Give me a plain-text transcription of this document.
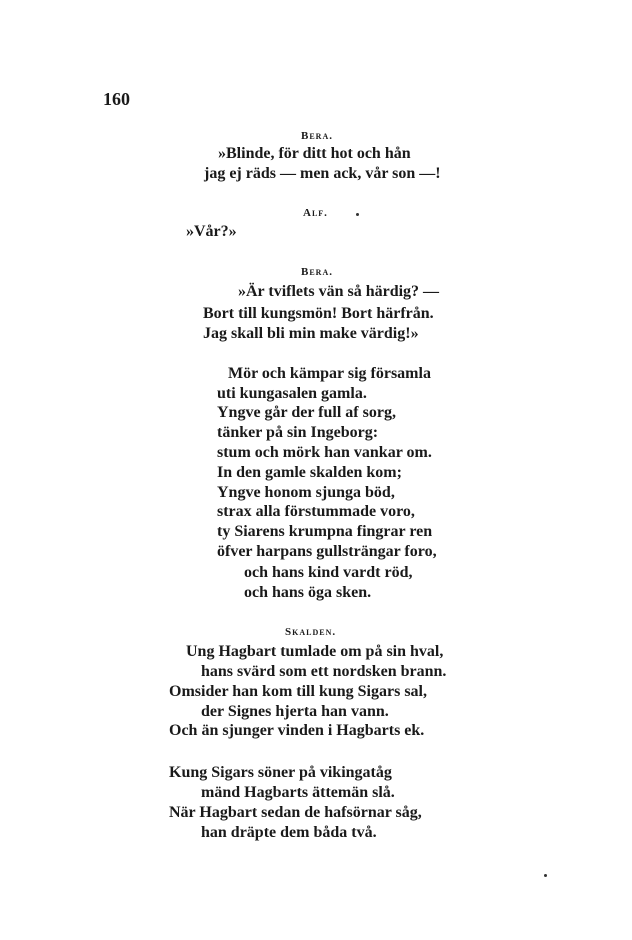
160
Bera.
»Blinde, för ditt hot och hån
jag ej räds — men ack, vår son —!
Alf.
»Vår?»
Bera.
»Är tviflets vän så härdig? —
Bort till kungsmön! Bort härfrån.
Jag skall bli min make värdig!»
Mör och kämpar sig församla
uti kungasalen gamla.
Yngve går der full af sorg,
tänker på sin Ingeborg:
stum och mörk han vankar om.
In den gamle skalden kom;
Yngve honom sjunga böd,
strax alla förstummade voro,
ty Siarens krumpna fingrar ren
öfver harpans gullsträngar foro,
och hans kind vardt röd,
och hans öga sken.
Skalden.
Ung Hagbart tumlade om på sin hval,
hans svärd som ett nordsken brann.
Omsider han kom till kung Sigars sal,
der Signes hjerta han vann.
Och än sjunger vinden i Hagbarts ek.
Kung Sigars söner på vikingatåg
mänd Hagbarts ättemän slå.
När Hagbart sedan de hafsörnar såg,
han dräpte dem båda två.
